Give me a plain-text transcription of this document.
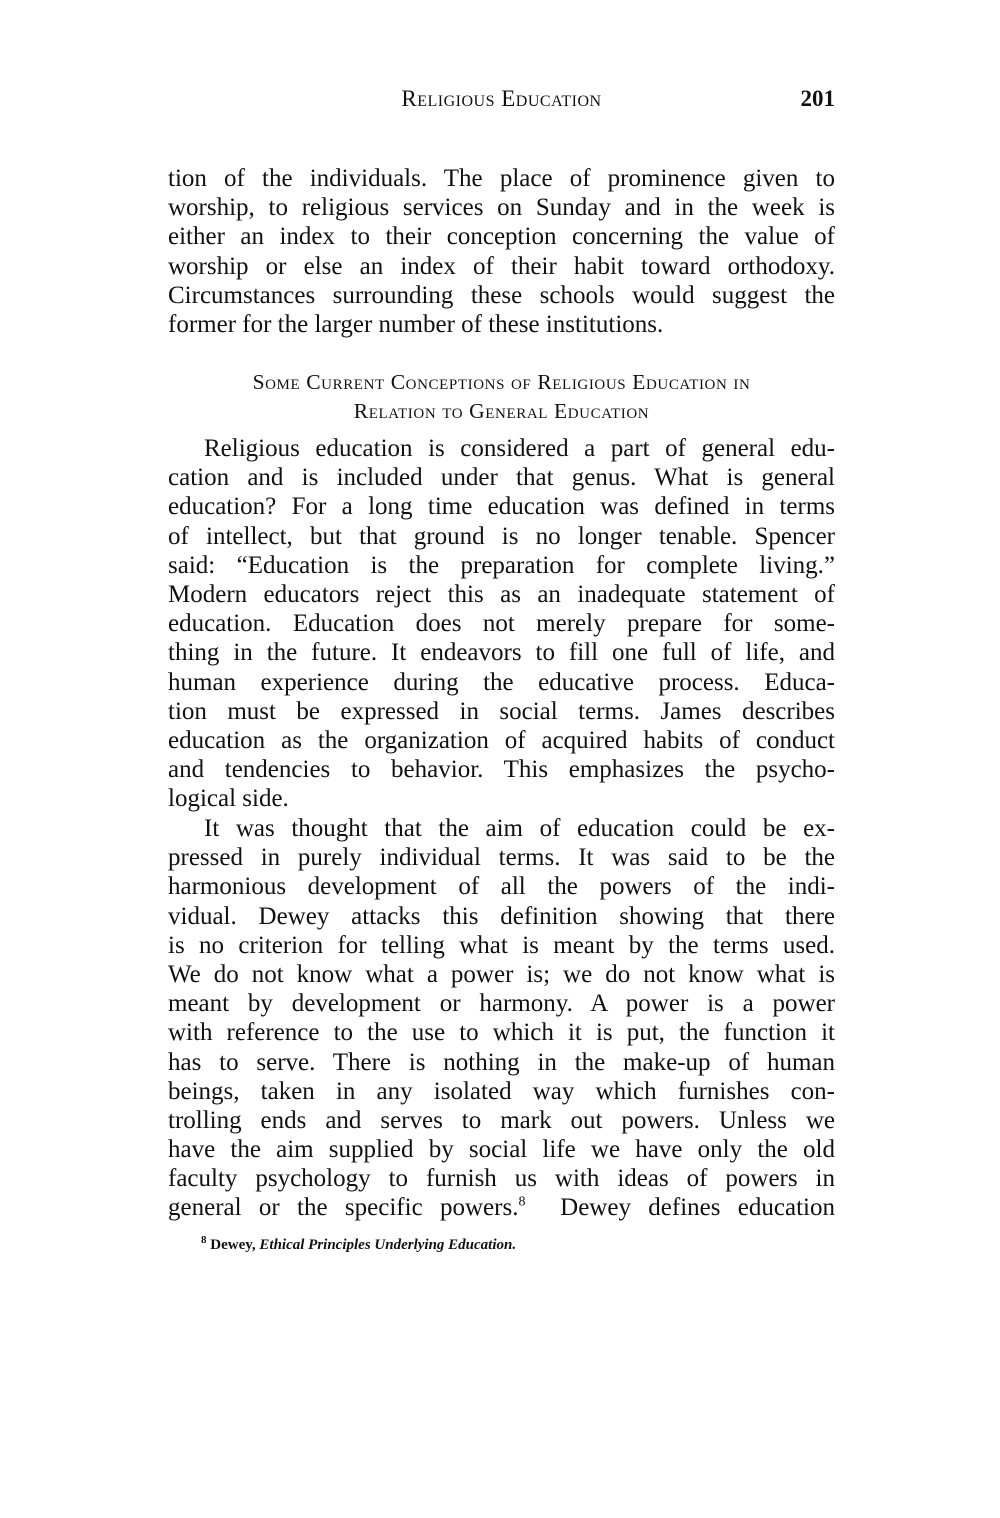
Religious Education	201
tion of the individuals. The place of prominence given to
worship, to religious services on Sunday and in the week is
either an index to their conception concerning the value of
worship or else an index of their habit toward orthodoxy.
Circumstances surrounding these schools would suggest the
former for the larger number of these institutions.
Some Current Conceptions of Religious Education in
Relation to General Education
Religious education is considered a part of general edu-
cation and is included under that genus. What is general
education? For a long time education was defined in terms
of intellect, but that ground is no longer tenable. Spencer
said: “Education is the preparation for complete living.”
Modern educators reject this as an inadequate statement of
education. Education does not merely prepare for some-
thing in the future. It endeavors to fill one full of life, and
human experience during the educative process. Educa-
tion must be expressed in social terms. James describes
education as the organization of acquired habits of conduct
and tendencies to behavior. This emphasizes the psycho-
logical side.
It was thought that the aim of education could be ex-
pressed in purely individual terms. It was said to be the
harmonious development of all the powers of the indi-
vidual. Dewey attacks this definition showing that there
is no criterion for telling what is meant by the terms used.
We do not know what a power is; we do not know what is
meant by development or harmony. A power is a power
with reference to the use to which it is put, the function it
has to serve. There is nothing in the make-up of human
beings, taken in any isolated way which furnishes con-
trolling ends and serves to mark out powers. Unless we
have the aim supplied by social life we have only the old
faculty psychology to furnish us with ideas of powers in
general or the specific powers.$^8$  Dewey defines education
$^8$ Dewey, Ethical Principles Underlying Education.
